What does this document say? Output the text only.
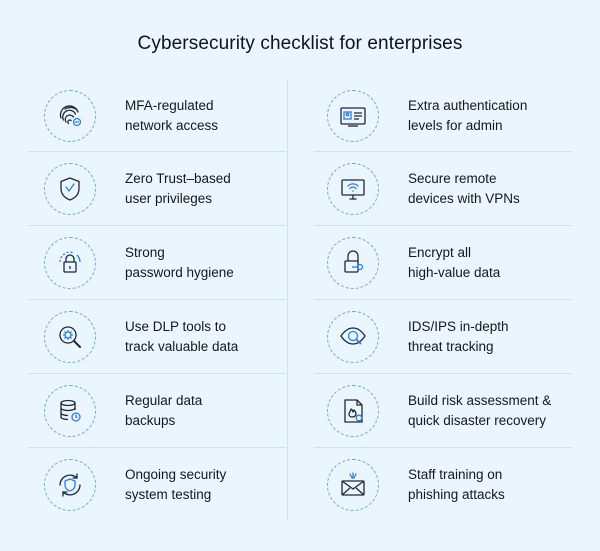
Cybersecurity checklist for enterprises
MFA-regulated
network access
Zero Trust–based
user privileges
Strong
password hygiene
Use DLP tools to
track valuable data
Regular data
backups
Ongoing security
system testing
Extra authentication
levels for admin
Secure remote
devices with VPNs
Encrypt all
high-value data
IDS/IPS in-depth
threat tracking
Build risk assessment &
quick disaster recovery
Staff training on
phishing attacks
